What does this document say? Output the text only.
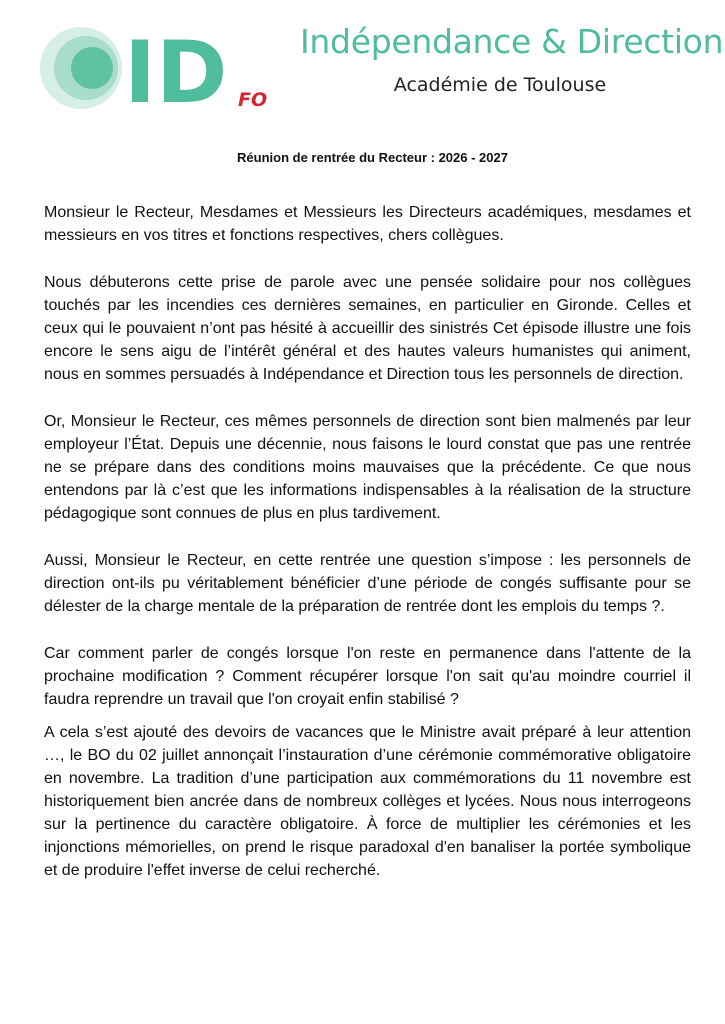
ID FO
Indépendance & Direction
Académie de Toulouse
Réunion de rentrée du Recteur : 2026 - 2027

Monsieur le Recteur, Mesdames et Messieurs les Directeurs académiques, mesdames et messieurs en vos titres et fonctions respectives, chers collègues.

Nous débuterons cette prise de parole avec une pensée solidaire pour nos collègues touchés par les incendies ces dernières semaines, en particulier en Gironde. Celles et ceux qui le pouvaient n’ont pas hésité à accueillir des sinistrés Cet épisode illustre une fois encore le sens aigu de l’intérêt général et des hautes valeurs humanistes qui animent, nous en sommes persuadés à Indépendance et Direction tous les personnels de direction.

Or, Monsieur le Recteur, ces mêmes personnels de direction sont bien malmenés par leur employeur l’État. Depuis une décennie, nous faisons le lourd constat que pas une rentrée ne se prépare dans des conditions moins mauvaises que la précédente. Ce que nous entendons par là c’est que les informations indispensables à la réalisation de la structure pédagogique sont connues de plus en plus tardivement.

Aussi, Monsieur le Recteur, en cette rentrée une question s’impose : les personnels de direction ont-ils pu véritablement bénéficier d’une période de congés suffisante pour se délester de la charge mentale de la préparation de rentrée dont les emplois du temps ?.

Car comment parler de congés lorsque l'on reste en permanence dans l'attente de la prochaine modification ? Comment récupérer lorsque l'on sait qu'au moindre courriel il faudra reprendre un travail que l'on croyait enfin stabilisé ?

A cela s’est ajouté des devoirs de vacances que le Ministre avait préparé à leur attention …, le BO du 02 juillet annonçait l’instauration d’une cérémonie commémorative obligatoire en novembre. La tradition d’une participation aux commémorations du 11 novembre est historiquement bien ancrée dans de nombreux collèges et lycées. Nous nous interrogeons sur la pertinence du caractère obligatoire. À force de multiplier les cérémonies et les injonctions mémorielles, on prend le risque paradoxal d'en banaliser la portée symbolique et de produire l'effet inverse de celui recherché.
